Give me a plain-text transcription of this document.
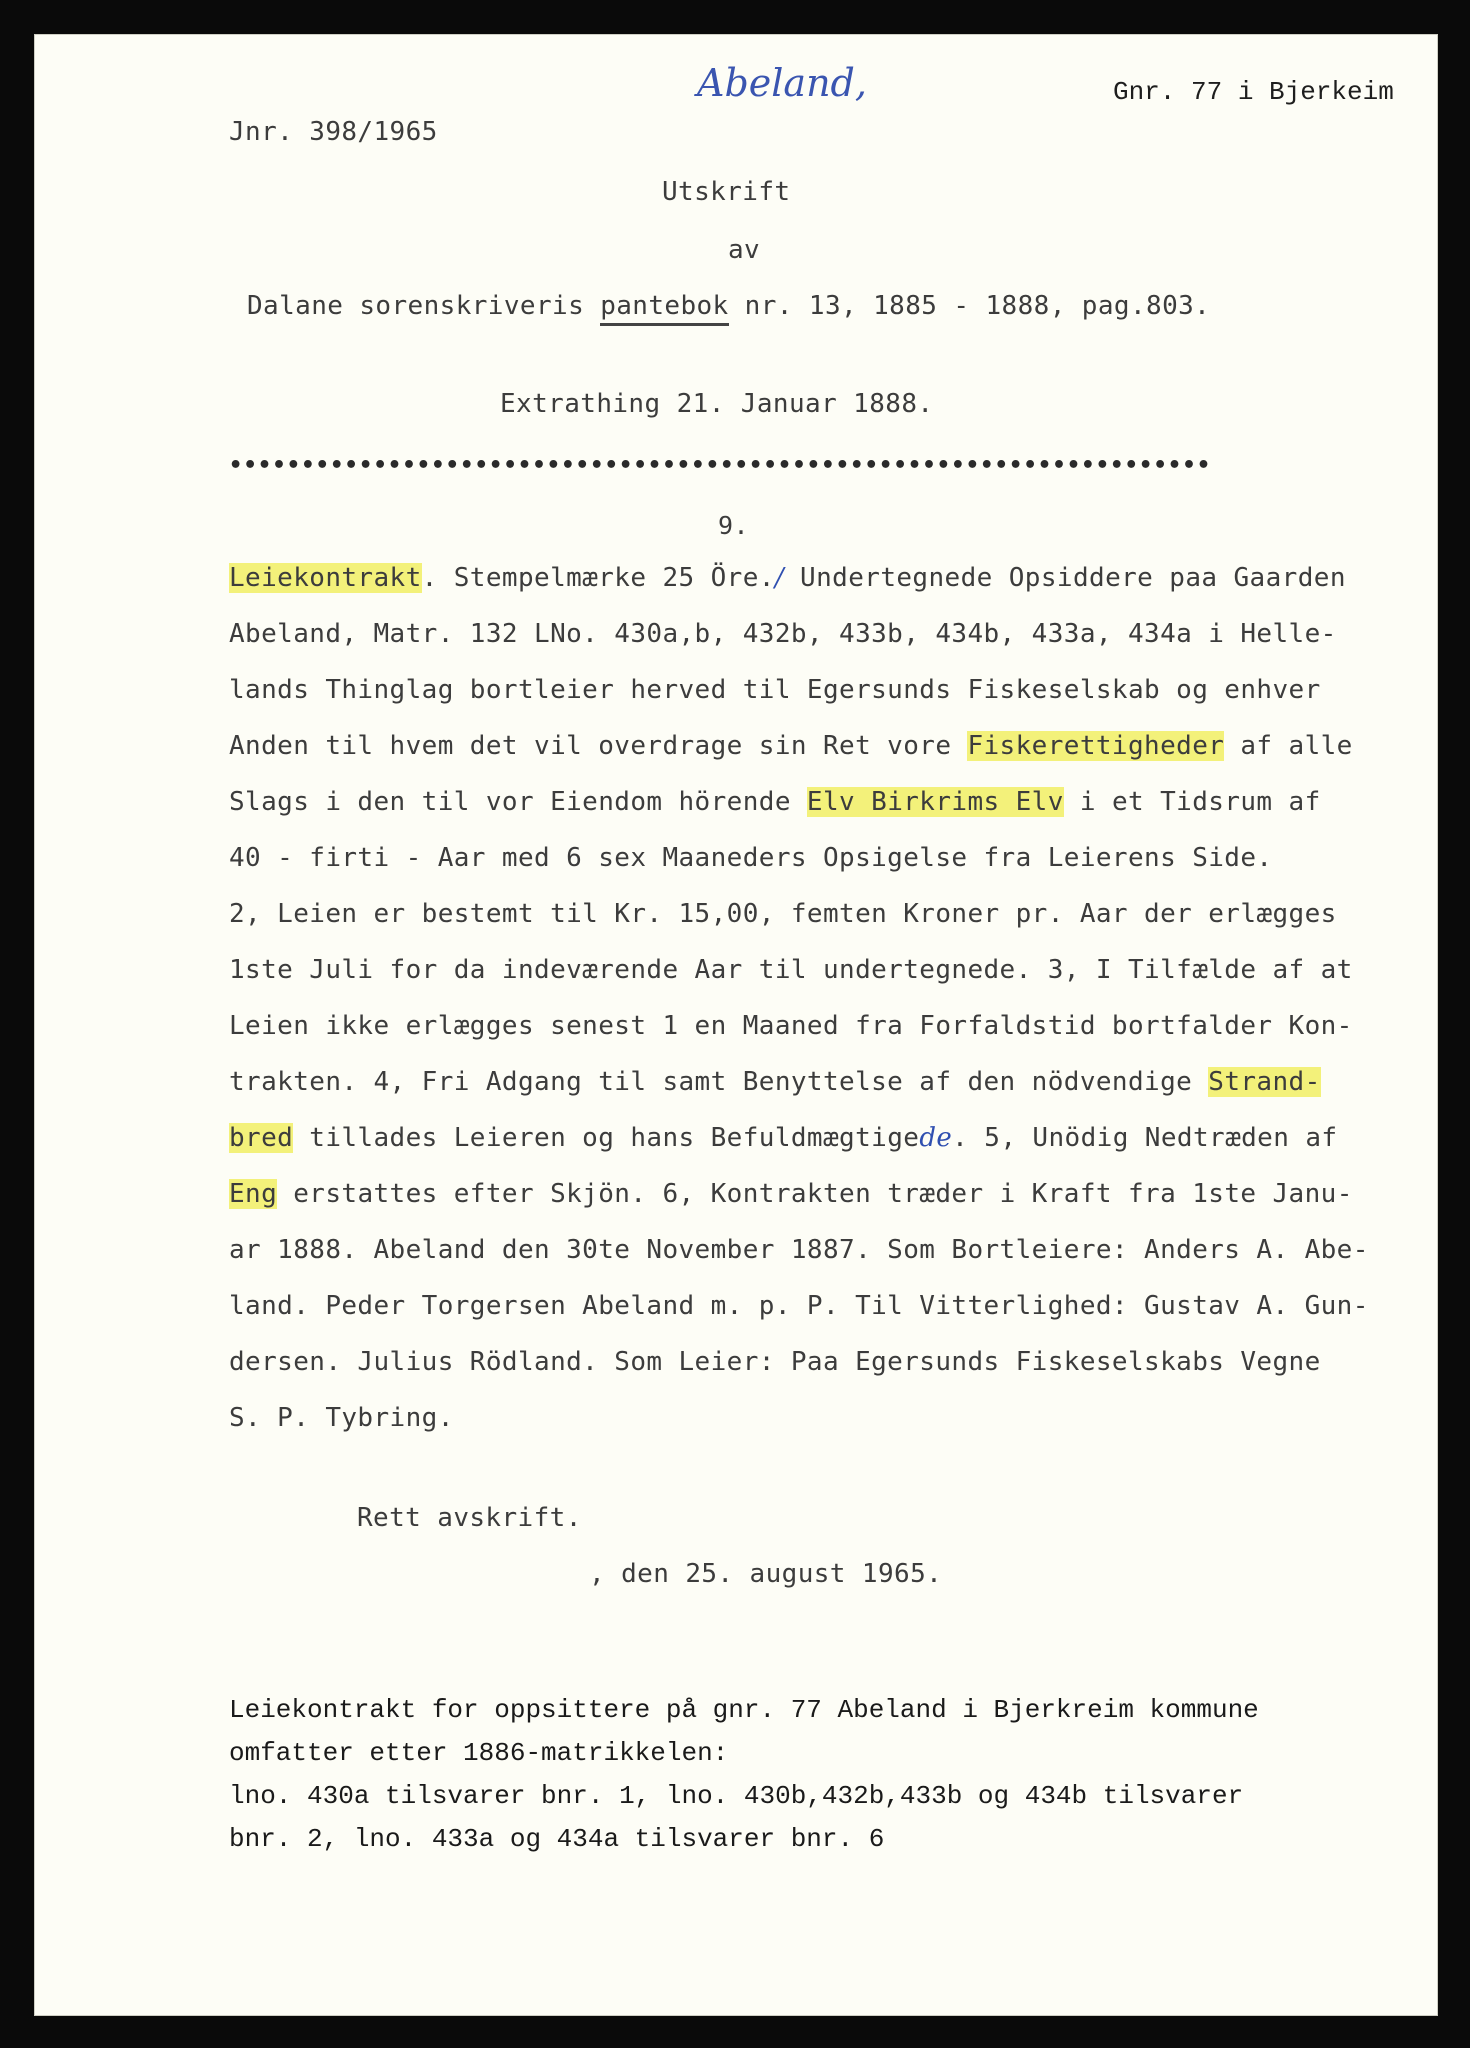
Abeland,	Gnr. 77 i Bjerkeim
Jnr. 398/1965
Utskrift
av
Dalane sorenskriveris pantebok nr. 13, 1885 - 1888, pag.803.
Extrathing 21. Januar 1888.
••••••••••••••••••••••••••••••••••••••••••••••••••••••••••••••••••••
9.
Leiekontrakt. Stempelmærke 25 Öre./ Undertegnede Opsiddere paa Gaarden
Abeland, Matr. 132 LNo. 430a,b, 432b, 433b, 434b, 433a, 434a i Helle-
lands Thinglag bortleier herved til Egersunds Fiskeselskab og enhver
Anden til hvem det vil overdrage sin Ret vore Fiskerettigheder af alle
Slags i den til vor Eiendom hörende Elv Birkrims Elv i et Tidsrum af
40 - firti - Aar med 6 sex Maaneders Opsigelse fra Leierens Side.
2, Leien er bestemt til Kr. 15,00, femten Kroner pr. Aar der erlægges
1ste Juli for da indeværende Aar til undertegnede. 3, I Tilfælde af at
Leien ikke erlægges senest 1 en Maaned fra Forfaldstid bortfalder Kon-
trakten. 4, Fri Adgang til samt Benyttelse af den nödvendige Strand-
bred tillades Leieren og hans Befuldmægtigede. 5, Unödig Nedtræden af
Eng erstattes efter Skjön. 6, Kontrakten træder i Kraft fra 1ste Janu-
ar 1888. Abeland den 30te November 1887. Som Bortleiere: Anders A. Abe-
land. Peder Torgersen Abeland m. p. P. Til Vitterlighed: Gustav A. Gun-
dersen. Julius Rödland. Som Leier: Paa Egersunds Fiskeselskabs Vegne
S. P. Tybring.
Rett avskrift.
, den 25. august 1965.
Leiekontrakt for oppsittere på gnr. 77 Abeland i Bjerkreim kommune
omfatter etter 1886-matrikkelen:
lno. 430a tilsvarer bnr. 1, lno. 430b,432b,433b og 434b tilsvarer
bnr. 2, lno. 433a og 434a tilsvarer bnr. 6
